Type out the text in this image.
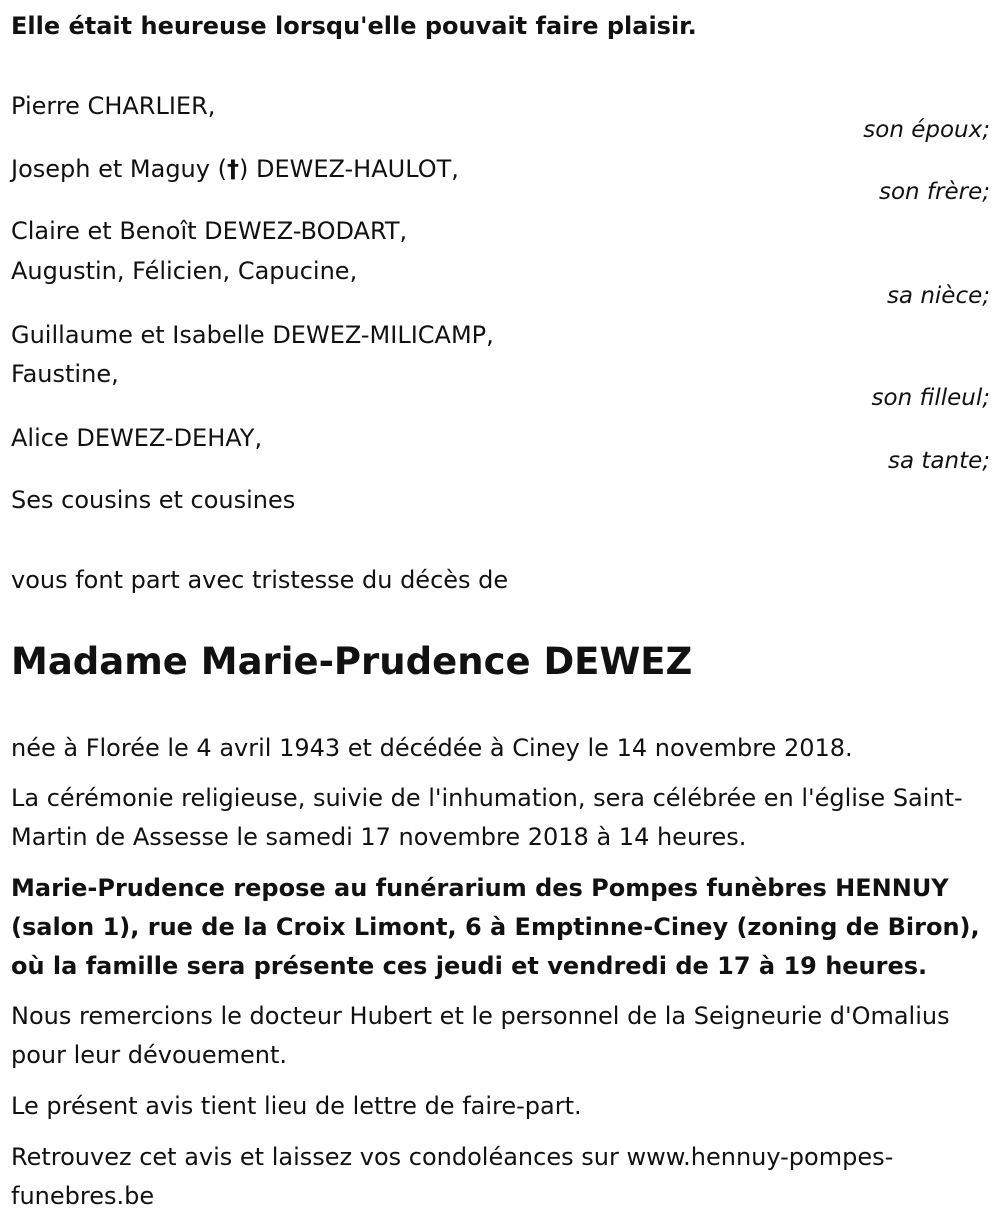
Elle était heureuse lorsqu'elle pouvait faire plaisir.
Pierre CHARLIER,
son époux;
Joseph et Maguy (†) DEWEZ-HAULOT,
son frère;
Claire et Benoît DEWEZ-BODART,
Augustin, Félicien, Capucine,
sa nièce;
Guillaume et Isabelle DEWEZ-MILICAMP,
Faustine,
son filleul;
Alice DEWEZ-DEHAY,
sa tante;
Ses cousins et cousines
vous font part avec tristesse du décès de
Madame Marie-Prudence DEWEZ

née à Florée le 4 avril 1943 et décédée à Ciney le 14 novembre 2018.

La cérémonie religieuse, suivie de l'inhumation, sera célébrée en l'église Saint-Martin de Assesse le samedi 17 novembre 2018 à 14 heures.

Marie-Prudence repose au funérarium des Pompes funèbres HENNUY (salon 1), rue de la Croix Limont, 6 à Emptinne-Ciney (zoning de Biron), où la famille sera présente ces jeudi et vendredi de 17 à 19 heures.

Nous remercions le docteur Hubert et le personnel de la Seigneurie d'Omalius pour leur dévouement.

Le présent avis tient lieu de lettre de faire-part.

Retrouvez cet avis et laissez vos condoléances sur www.hennuy-pompes-funebres.be
